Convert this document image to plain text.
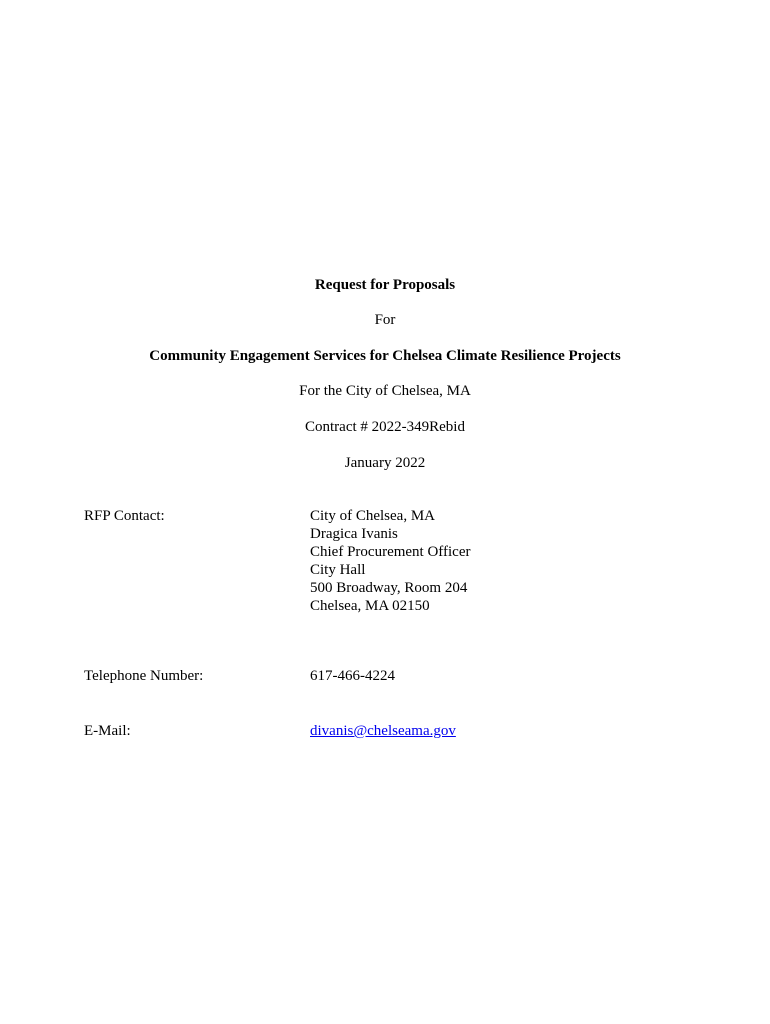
Request for Proposals
For
Community Engagement Services for Chelsea Climate Resilience Projects
For the City of Chelsea, MA
Contract # 2022-349Rebid
January 2022
RFP Contact:	City of Chelsea, MA
Dragica Ivanis
Chief Procurement Officer
City Hall
500 Broadway, Room 204
Chelsea, MA 02150
Telephone Number:	617-466-4224
E-Mail:	divanis@chelseama.gov
